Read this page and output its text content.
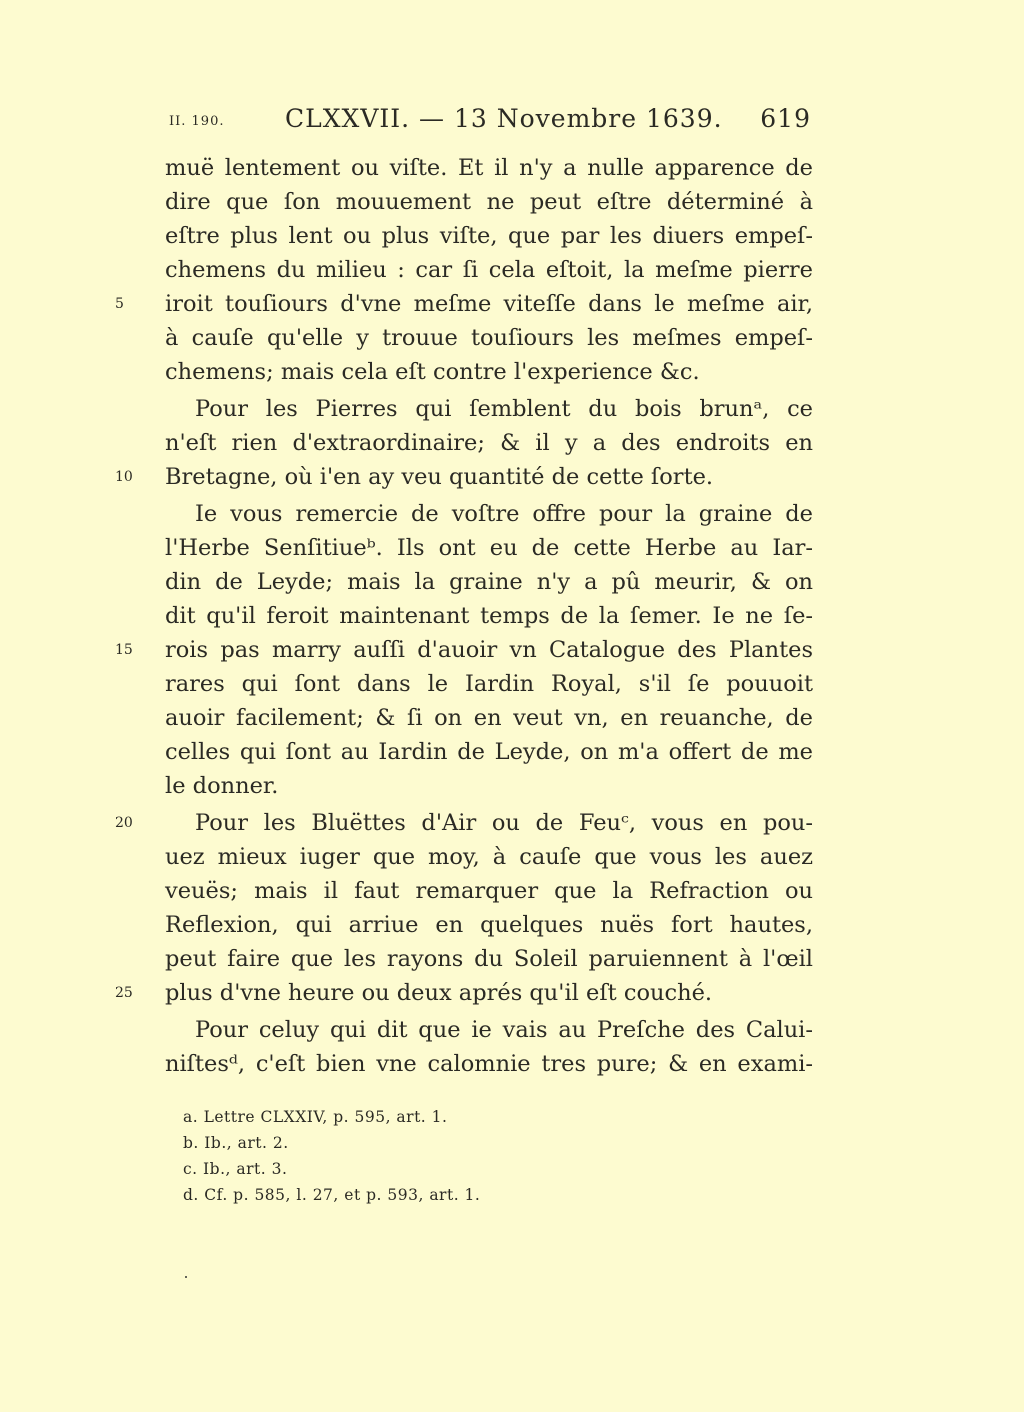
II. 190. CLXXVII. — 13 Novembre 1639. 619
muë lentement ou viſte. Et il n'y a nulle apparence de
dire que ſon mouuement ne peut eſtre déterminé à
eſtre plus lent ou plus viſte, que par les diuers empeſ-
chemens du milieu : car ſi cela eſtoit, la meſme pierre
5	iroit touſiours d'vne meſme viteſſe dans le meſme air,
à cauſe qu'elle y trouue touſiours les meſmes empeſ-
chemens; mais cela eſt contre l'experience &c.
Pour les Pierres qui ſemblent du bois brunᵃ, ce
n'eſt rien d'extraordinaire; & il y a des endroits en
10	Bretagne, où i'en ay veu quantité de cette ſorte.
Ie vous remercie de voſtre offre pour la graine de
l'Herbe Senſitiueᵇ. Ils ont eu de cette Herbe au Iar-
din de Leyde; mais la graine n'y a pû meurir, & on
dit qu'il feroit maintenant temps de la ſemer. Ie ne ſe-
15	rois pas marry auſſi d'auoir vn Catalogue des Plantes
rares qui ſont dans le Iardin Royal, s'il ſe pouuoit
auoir facilement; & ſi on en veut vn, en reuanche, de
celles qui ſont au Iardin de Leyde, on m'a offert de me
le donner.
20	Pour les Bluëttes d'Air ou de Feuᶜ, vous en pou-
uez mieux iuger que moy, à cauſe que vous les auez
veuës; mais il faut remarquer que la Refraction ou
Reflexion, qui arriue en quelques nuës fort hautes,
peut faire que les rayons du Soleil paruiennent à l'œil
25	plus d'vne heure ou deux aprés qu'il eſt couché.
Pour celuy qui dit que ie vais au Preſche des Calui-
niſtesᵈ, c'eſt bien vne calomnie tres pure; & en exami-
a. Lettre CLXXIV, p. 595, art. 1.
b. Ib., art. 2.
c. Ib., art. 3.
d. Cf. p. 585, l. 27, et p. 593, art. 1.
